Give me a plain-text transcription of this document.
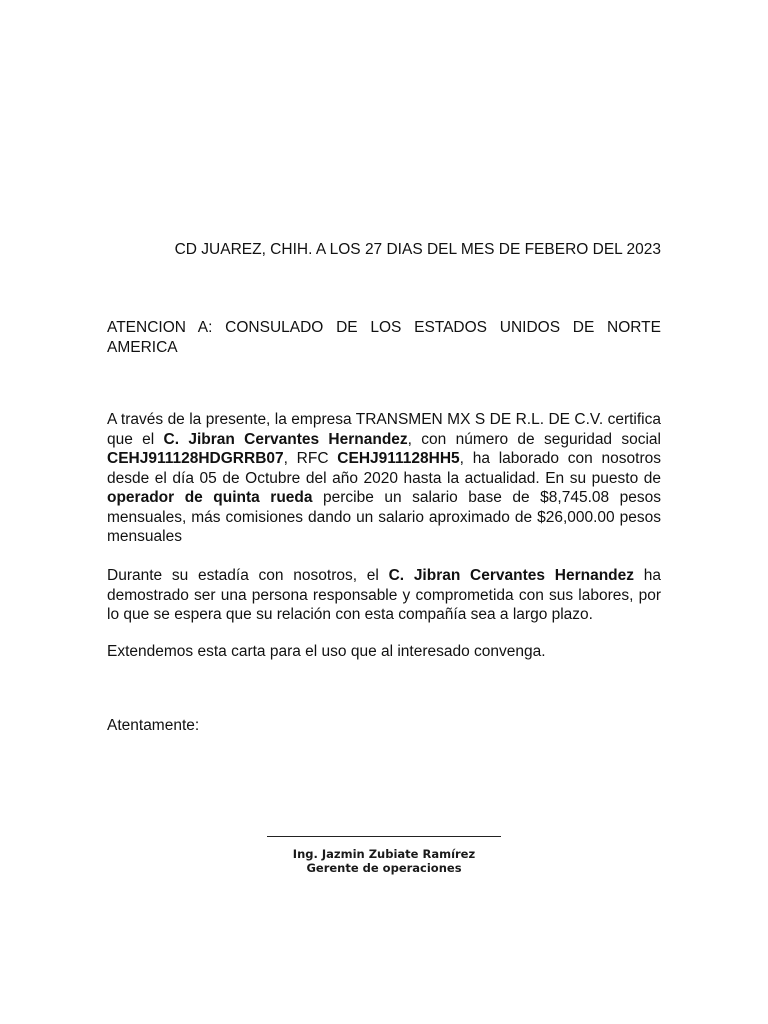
CD JUAREZ, CHIH. A LOS 27 DIAS DEL MES DE FEBERO DEL 2023
ATENCION A: CONSULADO DE LOS ESTADOS UNIDOS DE NORTE AMERICA
A través de la presente, la empresa TRANSMEN MX S DE R.L. DE C.V. certifica que el C. Jibran Cervantes Hernandez, con número de seguridad social CEHJ911128HDGRRB07, RFC CEHJ911128HH5, ha laborado con nosotros desde el día 05 de Octubre del año 2020 hasta la actualidad. En su puesto de operador de quinta rueda percibe un salario base de $8,745.08 pesos mensuales, más comisiones dando un salario aproximado de $26,000.00 pesos mensuales
Durante su estadía con nosotros, el C. Jibran Cervantes Hernandez ha demostrado ser una persona responsable y comprometida con sus labores, por lo que se espera que su relación con esta compañía sea a largo plazo.
Extendemos esta carta para el uso que al interesado convenga.
Atentamente:
Ing. Jazmin Zubiate Ramírez
Gerente de operaciones
